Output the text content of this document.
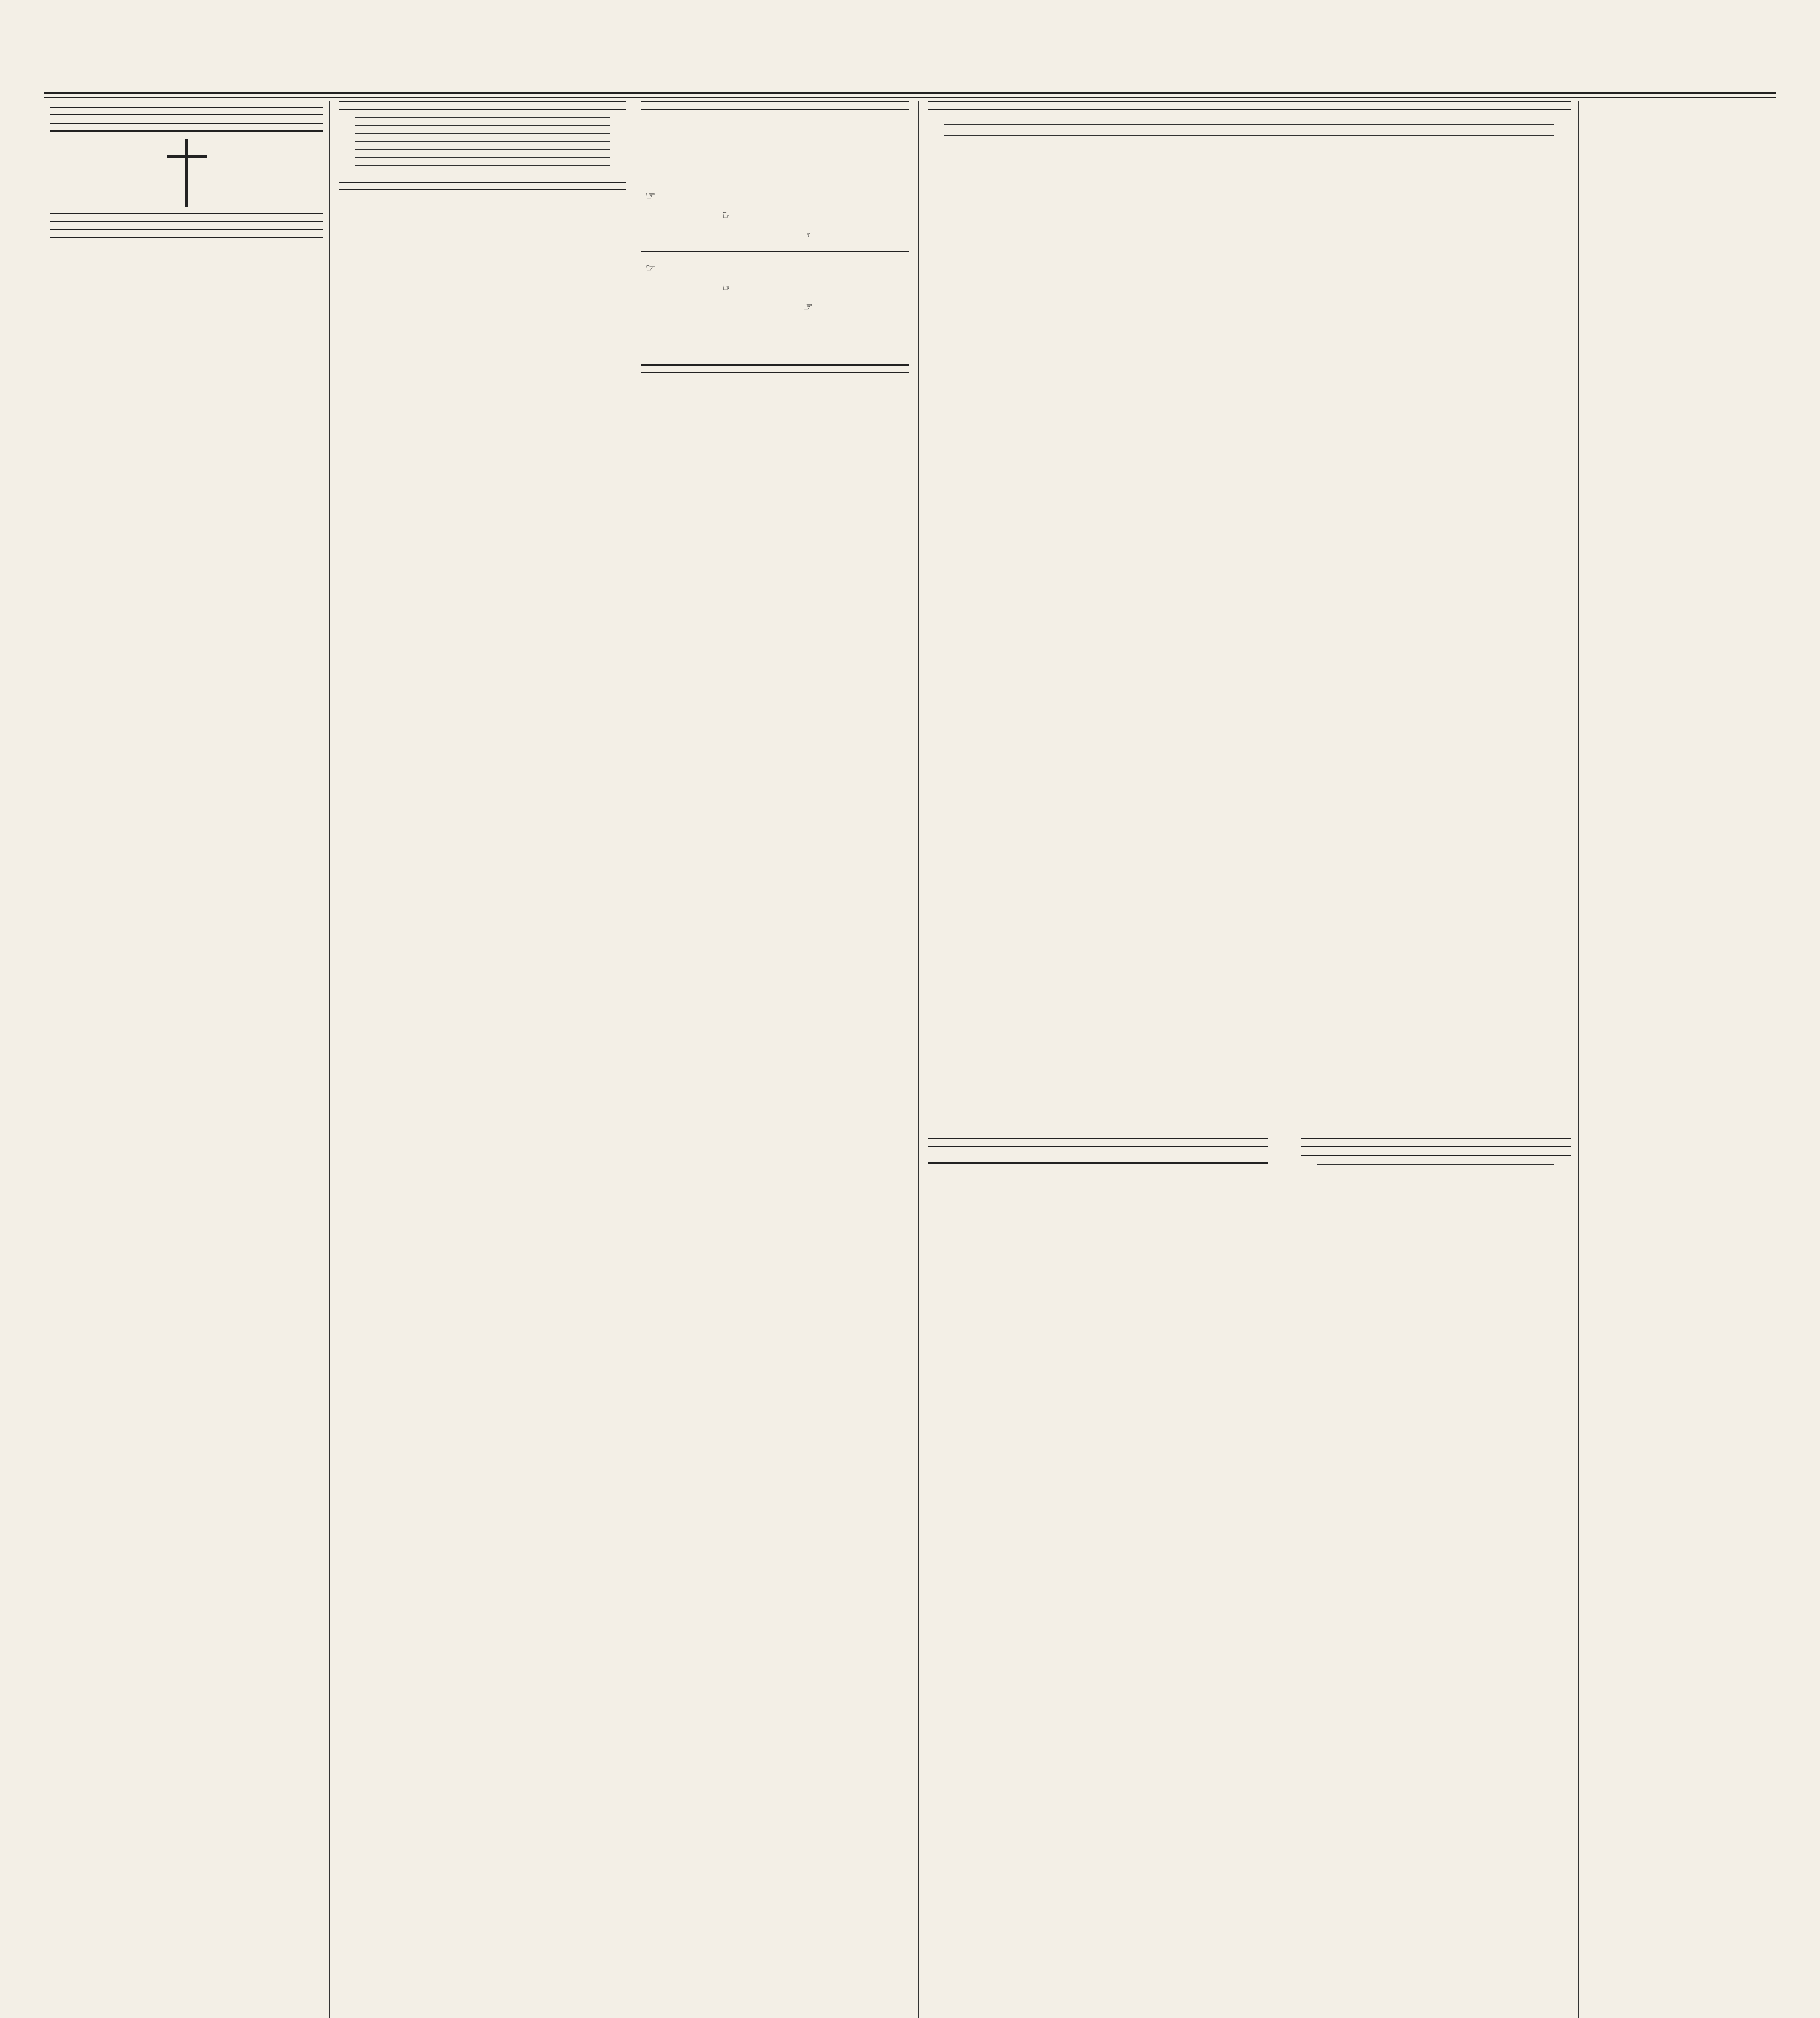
☞

☞

☞

☞

☞

☞
